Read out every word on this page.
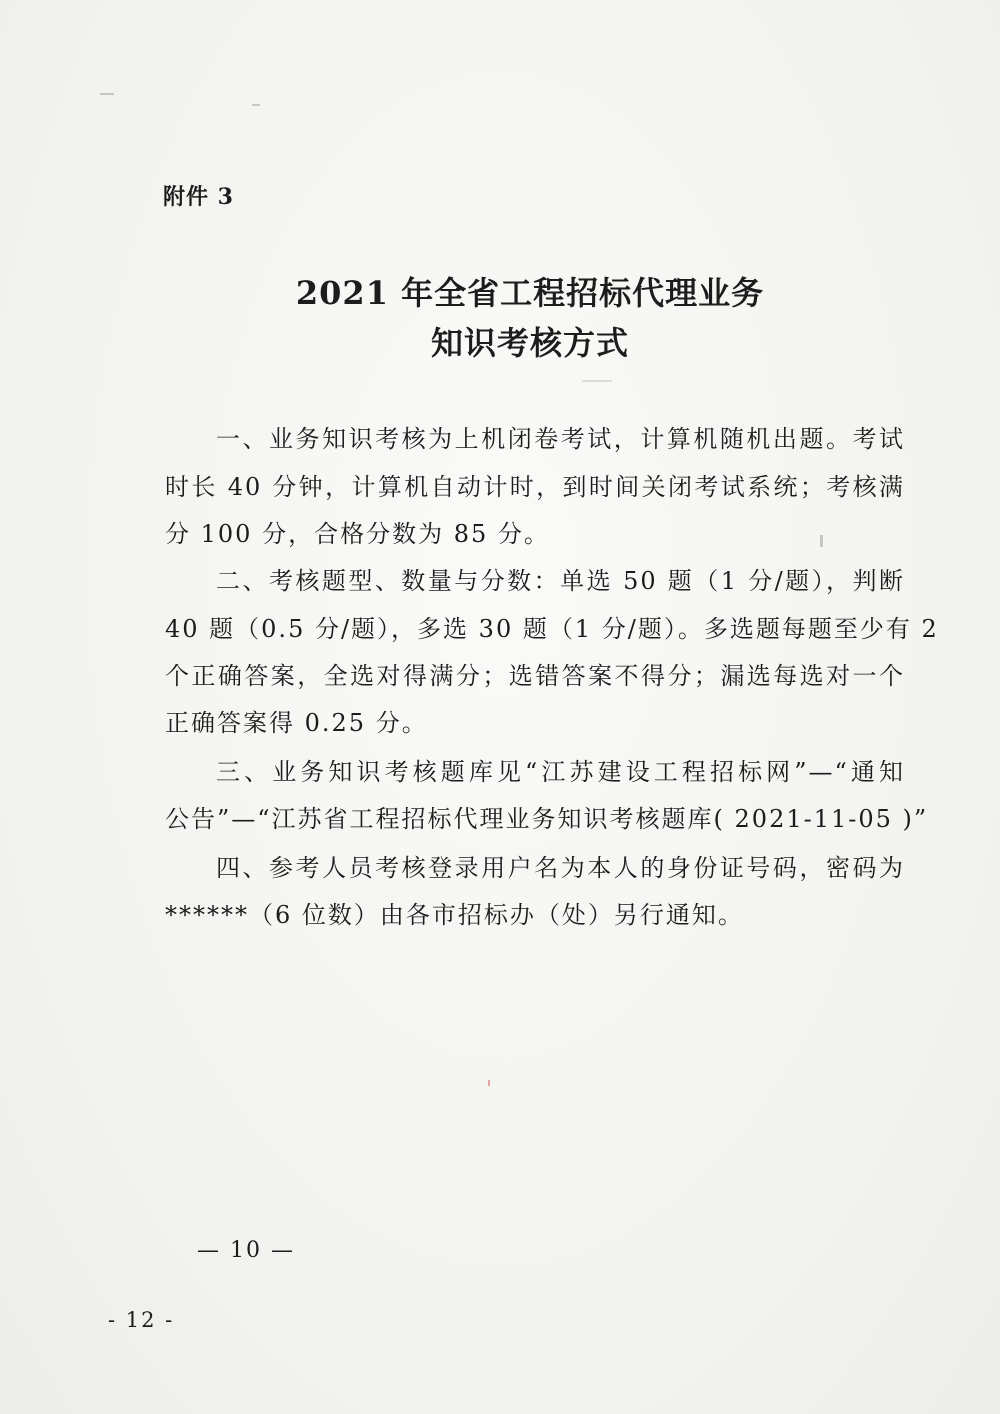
附件 3
2021 年全省工程招标代理业务
知识考核方式
一、业务知识考核为上机闭卷考试，计算机随机出题。考试
时长 40 分钟，计算机自动计时，到时间关闭考试系统；考核满
分 100 分，合格分数为 85 分。
二、考核题型、数量与分数：单选 50 题（1 分/题），判断
40 题（0.5 分/题），多选 30 题（1 分/题）。多选题每题至少有 2
个正确答案，全选对得满分；选错答案不得分；漏选每选对一个
正确答案得 0.25 分。
三、业务知识考核题库见“江苏建设工程招标网”—“通知
公告”—“江苏省工程招标代理业务知识考核题库( 2021-11-05 )”
四、参考人员考核登录用户名为本人的身份证号码，密码为
******（6 位数）由各市招标办（处）另行通知。
— 10 —
- 12 -
